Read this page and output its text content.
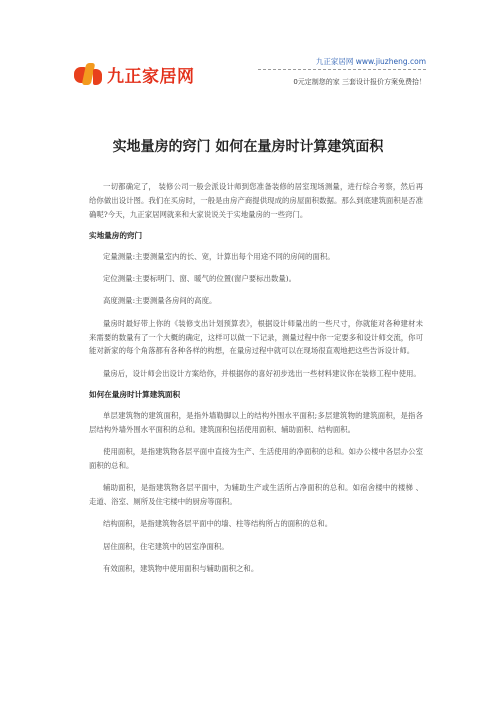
九正家居网
九正家居网 www.jiuzheng.com
0元定制您的家 三套设计报价方案免费拾！
实地量房的窍门 如何在量房时计算建筑面积

一切都确定了， 装修公司一般会派设计师到您准备装修的居室现场测量，进行综合考察，然后再给你做出设计图。我们在买房时，一般是由房产商提供现成的房屋面积数据。那么到底建筑面积是否准确呢?今天，九正家居网就来和大家说说关于实地量房的一些窍门。

实地量房的窍门

定量测量:主要测量室内的长、宽，计算出每个用途不同的房间的面积。

定位测量:主要标明门、窗、暖气的位置(窗户要标出数量)。

高度测量:主要测量各房间的高度。

量房时最好带上你的《装修支出计划预算表》，根据设计师量出的一些尺寸，你就能对各种建材未来需要的数量有了一个大概的确定，这样可以做一下记录，测量过程中你一定要多和设计师交流，你可能对新家的每个角落都有各种各样的构想，在量房过程中就可以在现场很直观地把这些告诉设计师。

量房后，设计师会出设计方案给你，并根据你的喜好初步选出一些材料建议你在装修工程中使用。

如何在量房时计算建筑面积

单层建筑物的建筑面积，是指外墙勒脚以上的结构外围水平面积;多层建筑物的建筑面积，是指各层结构外墙外围水平面积的总和。建筑面积包括使用面积、辅助面积、结构面积。

使用面积，是指建筑物各层平面中直接为生产、生活使用的净面积的总和。如办公楼中各层办公室面积的总和。

辅助面积，是指建筑物各层平面中，为辅助生产或生活所占净面积的总和。如宿舍楼中的楼梯 、走道、浴室、厕所及住宅楼中的厨房等面积。

结构面积，是指建筑物各层平面中的墙、柱等结构所占的面积的总和。

居住面积，住宅建筑中的居室净面积。

有效面积，建筑物中使用面积与辅助面积之和。
